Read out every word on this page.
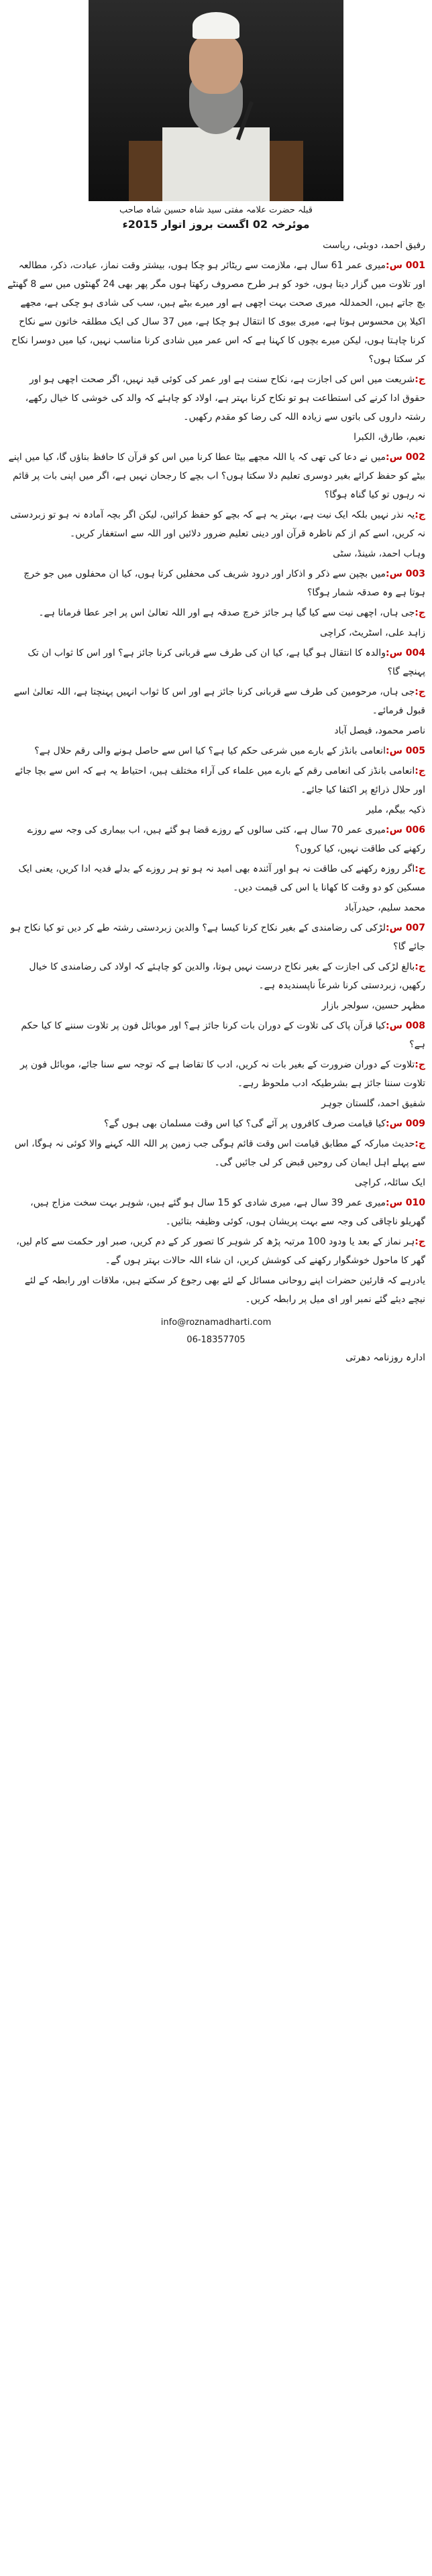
قبلہ حضرت علامہ مفتی سید شاہ حسین شاہ صاحب
موئرخہ 02 اگست بروز اتوار 2015ء

رفیق احمد، دوبئی، ریاست

001 س:میری عمر 61 سال ہے، ملازمت سے ریٹائر ہو چکا ہوں، بیشتر وقت نماز، عبادت، ذکر، مطالعہ اور تلاوت میں گزار دیتا ہوں، خود کو ہر طرح مصروف رکھتا ہوں مگر پھر بھی 24 گھنٹوں میں سے 8 گھنٹے بچ جاتے ہیں، الحمدللہ میری صحت بہت اچھی ہے اور میرے بیٹے ہیں، سب کی شادی ہو چکی ہے، مجھے اکیلا پن محسوس ہوتا ہے، میری بیوی کا انتقال ہو چکا ہے، میں 37 سال کی ایک مطلقہ خاتون سے نکاح کرنا چاہتا ہوں، لیکن میرے بچوں کا کہنا ہے کہ اس عمر میں شادی کرنا مناسب نہیں، کیا میں دوسرا نکاح کر سکتا ہوں؟

ج:شریعت میں اس کی اجازت ہے، نکاح سنت ہے اور عمر کی کوئی قید نہیں، اگر صحت اچھی ہو اور حقوق ادا کرنے کی استطاعت ہو تو نکاح کرنا بہتر ہے، اولاد کو چاہئے کہ والد کی خوشی کا خیال رکھے، رشتہ داروں کی باتوں سے زیادہ اللہ کی رضا کو مقدم رکھیں۔

نعیم، طارق، الکبرا

002 س:میں نے دعا کی تھی کہ یا اللہ مجھے بیٹا عطا کرنا میں اس کو قرآن کا حافظ بناؤں گا، کیا میں اپنے بیٹے کو حفظ کرائے بغیر دوسری تعلیم دلا سکتا ہوں؟ اب بچے کا رجحان نہیں ہے، اگر میں اپنی بات پر قائم نہ رہوں تو کیا گناہ ہوگا؟

ج:یہ نذر نہیں بلکہ ایک نیت ہے، بہتر یہ ہے کہ بچے کو حفظ کرائیں، لیکن اگر بچہ آمادہ نہ ہو تو زبردستی نہ کریں، اسے کم از کم ناظرہ قرآن اور دینی تعلیم ضرور دلائیں اور اللہ سے استغفار کریں۔

وہاب احمد، شینڈ، سٹی

003 س:میں بچپن سے ذکر و اذکار اور درود شریف کی محفلیں کرتا ہوں، کیا ان محفلوں میں جو خرچ ہوتا ہے وہ صدقہ شمار ہوگا؟

ج:جی ہاں، اچھی نیت سے کیا گیا ہر جائز خرچ صدقہ ہے اور اللہ تعالیٰ اس پر اجر عطا فرماتا ہے۔

زاہد علی، اسٹریٹ، کراچی

004 س:والدہ کا انتقال ہو گیا ہے، کیا ان کی طرف سے قربانی کرنا جائز ہے؟ اور اس کا ثواب ان تک پہنچے گا؟

ج:جی ہاں، مرحومین کی طرف سے قربانی کرنا جائز ہے اور اس کا ثواب انہیں پہنچتا ہے، اللہ تعالیٰ اسے قبول فرمائے۔

ناصر محمود، فیصل آباد

005 س:انعامی بانڈز کے بارے میں شرعی حکم کیا ہے؟ کیا اس سے حاصل ہونے والی رقم حلال ہے؟

ج:انعامی بانڈز کی انعامی رقم کے بارے میں علماء کی آراء مختلف ہیں، احتیاط یہ ہے کہ اس سے بچا جائے اور حلال ذرائع پر اکتفا کیا جائے۔

ذکیہ بیگم، ملیر

006 س:میری عمر 70 سال ہے، کئی سالوں کے روزے قضا ہو گئے ہیں، اب بیماری کی وجہ سے روزے رکھنے کی طاقت نہیں، کیا کروں؟

ج:اگر روزہ رکھنے کی طاقت نہ ہو اور آئندہ بھی امید نہ ہو تو ہر روزے کے بدلے فدیہ ادا کریں، یعنی ایک مسکین کو دو وقت کا کھانا یا اس کی قیمت دیں۔

محمد سلیم، حیدرآباد

007 س:لڑکی کی رضامندی کے بغیر نکاح کرنا کیسا ہے؟ والدین زبردستی رشتہ طے کر دیں تو کیا نکاح ہو جائے گا؟

ج:بالغ لڑکی کی اجازت کے بغیر نکاح درست نہیں ہوتا، والدین کو چاہئے کہ اولاد کی رضامندی کا خیال رکھیں، زبردستی کرنا شرعاً ناپسندیدہ ہے۔

مظہر حسین، سولجر بازار

008 س:کیا قرآن پاک کی تلاوت کے دوران بات کرنا جائز ہے؟ اور موبائل فون پر تلاوت سننے کا کیا حکم ہے؟

ج:تلاوت کے دوران ضرورت کے بغیر بات نہ کریں، ادب کا تقاضا ہے کہ توجہ سے سنا جائے، موبائل فون پر تلاوت سننا جائز ہے بشرطیکہ ادب ملحوظ رہے۔

شفیق احمد، گلستان جوہر

009 س:کیا قیامت صرف کافروں پر آئے گی؟ کیا اس وقت مسلمان بھی ہوں گے؟

ج:حدیث مبارکہ کے مطابق قیامت اس وقت قائم ہوگی جب زمین پر اللہ اللہ کہنے والا کوئی نہ ہوگا، اس سے پہلے اہل ایمان کی روحیں قبض کر لی جائیں گی۔

ایک سائلہ، کراچی

010 س:میری عمر 39 سال ہے، میری شادی کو 15 سال ہو گئے ہیں، شوہر بہت سخت مزاج ہیں، گھریلو ناچاقی کی وجہ سے بہت پریشان ہوں، کوئی وظیفہ بتائیں۔

ج:ہر نماز کے بعد یا ودود 100 مرتبہ پڑھ کر شوہر کا تصور کر کے دم کریں، صبر اور حکمت سے کام لیں، گھر کا ماحول خوشگوار رکھنے کی کوشش کریں، ان شاء اللہ حالات بہتر ہوں گے۔

یادرہے کہ قارئین حضرات اپنے روحانی مسائل کے لئے بھی رجوع کر سکتے ہیں، ملاقات اور رابطہ کے لئے نیچے دیئے گئے نمبر اور ای میل پر رابطہ کریں۔

info@roznamadharti.com
06-18357705
ادارہ روزنامہ دھرتی
